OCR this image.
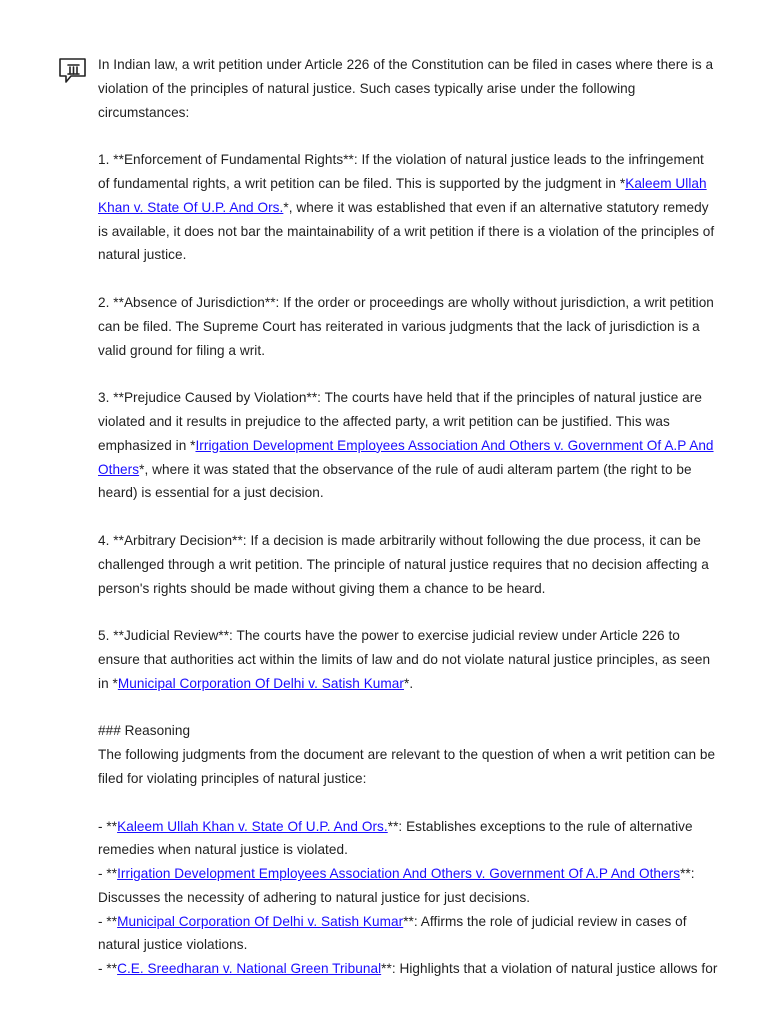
In Indian law, a writ petition under Article 226 of the Constitution can be filed in cases where there is a violation of the principles of natural justice. Such cases typically arise under the following circumstances:

1. **Enforcement of Fundamental Rights**: If the violation of natural justice leads to the infringement of fundamental rights, a writ petition can be filed. This is supported by the judgment in *Kaleem Ullah Khan v. State Of U.P. And Ors.*, where it was established that even if an alternative statutory remedy is available, it does not bar the maintainability of a writ petition if there is a violation of the principles of natural justice.

2. **Absence of Jurisdiction**: If the order or proceedings are wholly without jurisdiction, a writ petition can be filed. The Supreme Court has reiterated in various judgments that the lack of jurisdiction is a valid ground for filing a writ.

3. **Prejudice Caused by Violation**: The courts have held that if the principles of natural justice are violated and it results in prejudice to the affected party, a writ petition can be justified. This was emphasized in *Irrigation Development Employees Association And Others v. Government Of A.P And Others*, where it was stated that the observance of the rule of audi alteram partem (the right to be heard) is essential for a just decision.

4. **Arbitrary Decision**: If a decision is made arbitrarily without following the due process, it can be challenged through a writ petition. The principle of natural justice requires that no decision affecting a person's rights should be made without giving them a chance to be heard.

5. **Judicial Review**: The courts have the power to exercise judicial review under Article 226 to ensure that authorities act within the limits of law and do not violate natural justice principles, as seen in *Municipal Corporation Of Delhi v. Satish Kumar*.

### Reasoning

The following judgments from the document are relevant to the question of when a writ petition can be filed for violating principles of natural justice:

- **Kaleem Ullah Khan v. State Of U.P. And Ors.**: Establishes exceptions to the rule of alternative remedies when natural justice is violated.
- **Irrigation Development Employees Association And Others v. Government Of A.P And Others**: Discusses the necessity of adhering to natural justice for just decisions.
- **Municipal Corporation Of Delhi v. Satish Kumar**: Affirms the role of judicial review in cases of natural justice violations.
- **C.E. Sreedharan v. National Green Tribunal**: Highlights that a violation of natural justice allows for
